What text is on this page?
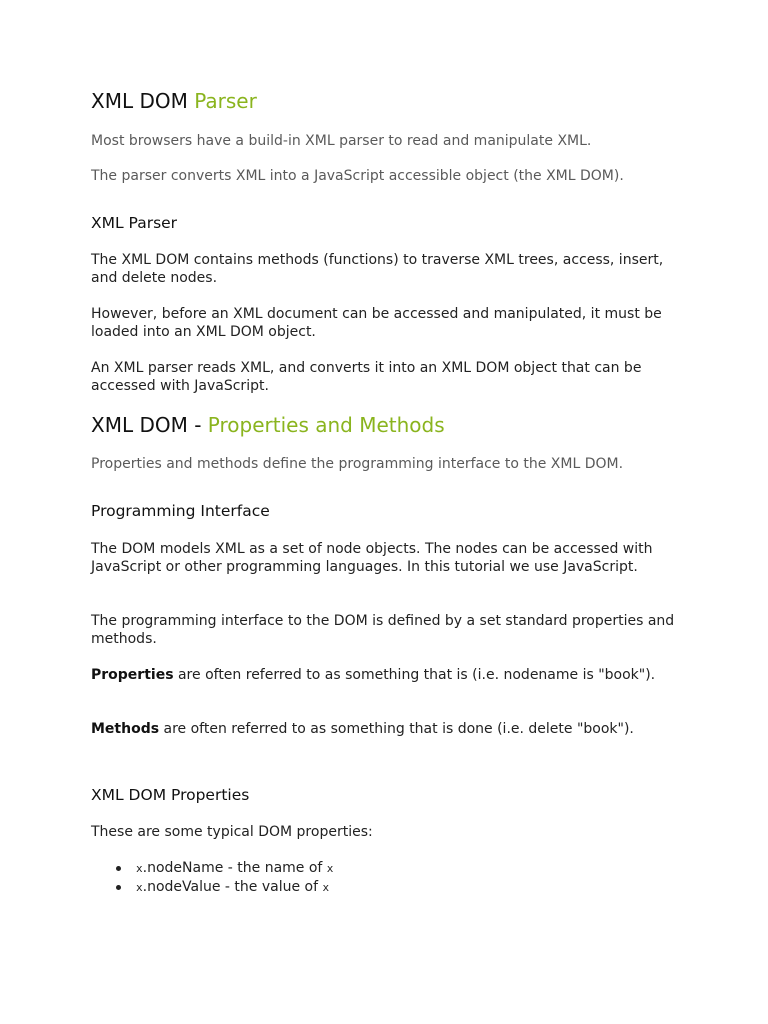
XML DOM Parser

Most browsers have a build-in XML parser to read and manipulate XML.

The parser converts XML into a JavaScript accessible object (the XML DOM).

XML Parser

The XML DOM contains methods (functions) to traverse XML trees, access, insert, and delete nodes.

However, before an XML document can be accessed and manipulated, it must be loaded into an XML DOM object.

An XML parser reads XML, and converts it into an XML DOM object that can be accessed with JavaScript.

XML DOM - Properties and Methods

Properties and methods define the programming interface to the XML DOM.

Programming Interface

The DOM models XML as a set of node objects. The nodes can be accessed with JavaScript or other programming languages. In this tutorial we use JavaScript.

The programming interface to the DOM is defined by a set standard properties and methods.

Properties are often referred to as something that is (i.e. nodename is "book").

Methods are often referred to as something that is done (i.e. delete "book").

XML DOM Properties

These are some typical DOM properties:

x.nodeName - the name of x
x.nodeValue - the value of x
